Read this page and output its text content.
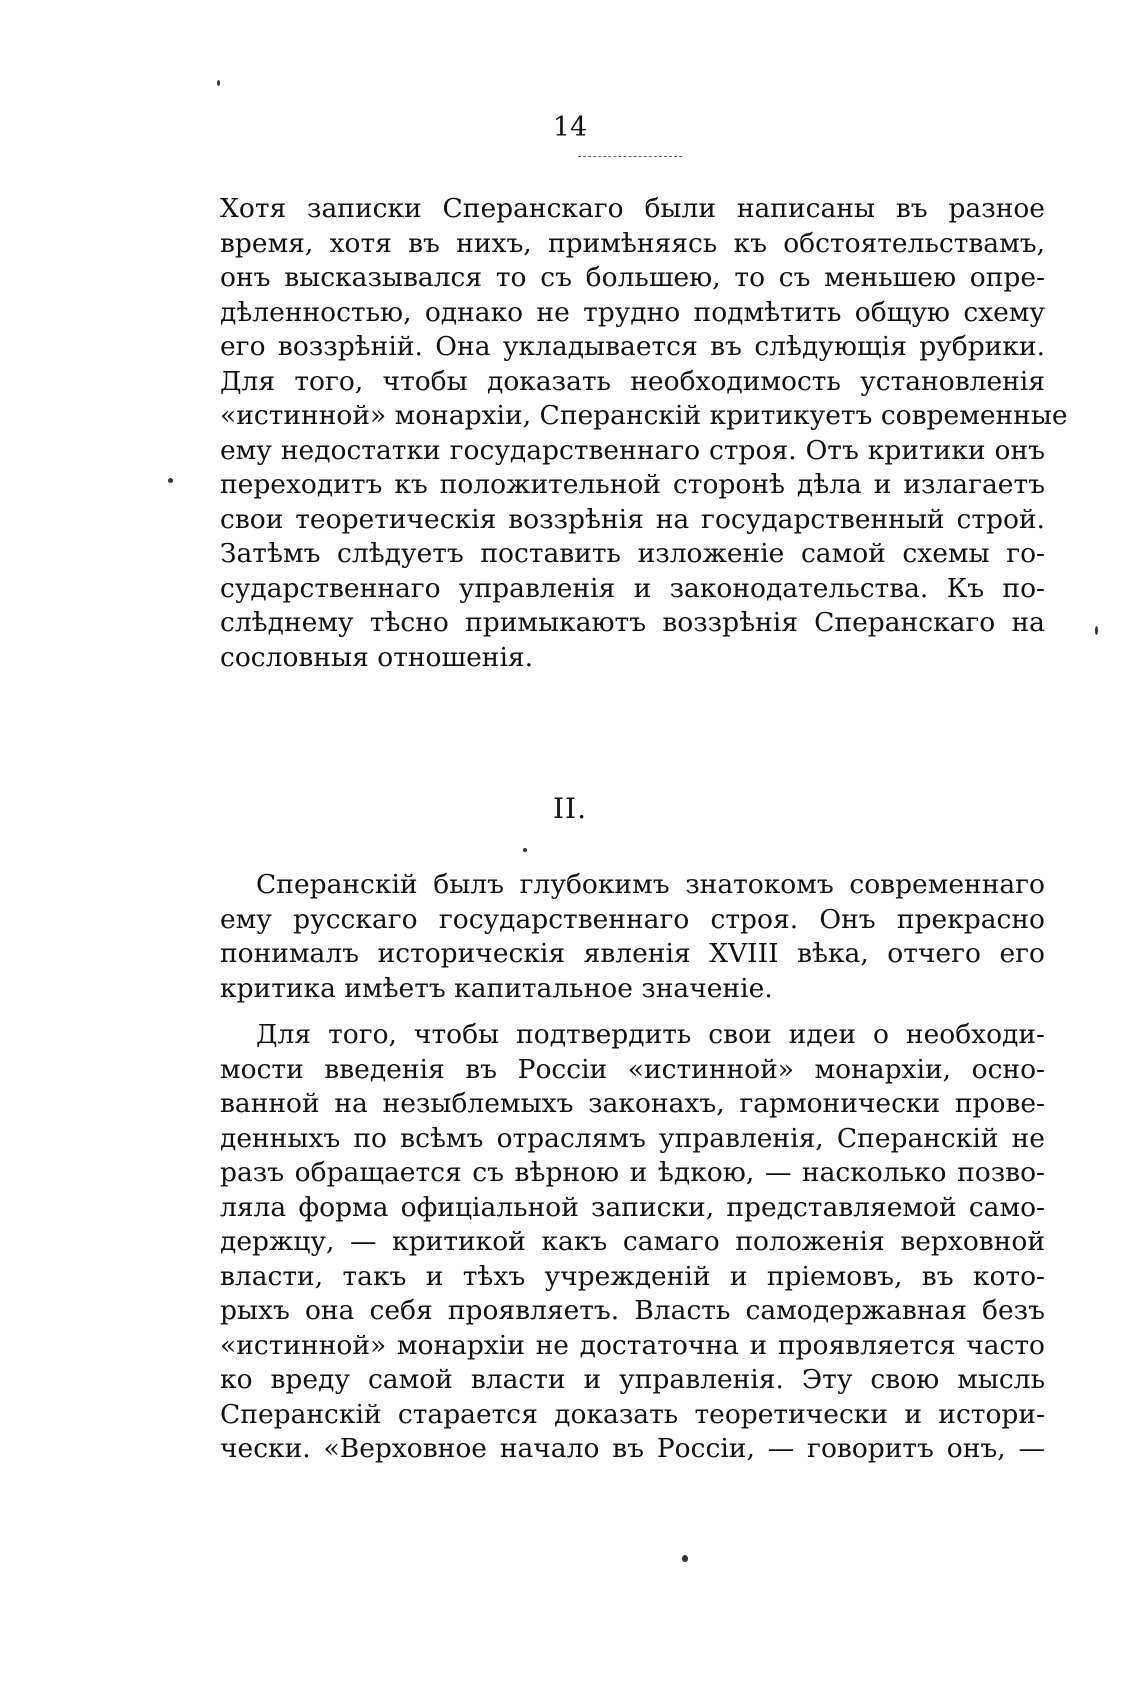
14
Хотя записки Сперанскаго были написаны въ разное
время, хотя въ нихъ, примѣняясь къ обстоятельствамъ,
онъ высказывался то съ большею, то съ меньшею опре-
дѣленностью, однако не трудно подмѣтить общую схему
его воззрѣній. Она укладывается въ слѣдующія рубрики.
Для того, чтобы доказать необходимость установленія
«истинной» монархіи, Сперанскій критикуетъ современные
ему недостатки государственнаго строя. Отъ критики онъ
переходитъ къ положительной сторонѣ дѣла и излагаетъ
свои теоретическія воззрѣнія на государственный строй.
Затѣмъ слѣдуетъ поставить изложеніе самой схемы го-
сударственнаго управленія и законодательства. Къ по-
слѣднему тѣсно примыкаютъ воззрѣнія Сперанскаго на
сословныя отношенія.
II.
Сперанскій былъ глубокимъ знатокомъ современнаго
ему русскаго государственнаго строя. Онъ прекрасно
понималъ историческія явленія XVIII вѣка, отчего его
критика имѣетъ капитальное значеніе.
Для того, чтобы подтвердить свои идеи о необходи-
мости введенія въ Россіи «истинной» монархіи, осно-
ванной на незыблемыхъ законахъ, гармонически прове-
денныхъ по всѣмъ отраслямъ управленія, Сперанскій не
разъ обращается съ вѣрною и ѣдкою, — насколько позво-
ляла форма офиціальной записки, представляемой само-
держцу, — критикой какъ самаго положенія верховной
власти, такъ и тѣхъ учрежденій и пріемовъ, въ кото-
рыхъ она себя проявляетъ. Власть самодержавная безъ
«истинной» монархіи не достаточна и проявляется часто
ко вреду самой власти и управленія. Эту свою мысль
Сперанскій старается доказать теоретически и истори-
чески. «Верховное начало въ Россіи, — говоритъ онъ, —
